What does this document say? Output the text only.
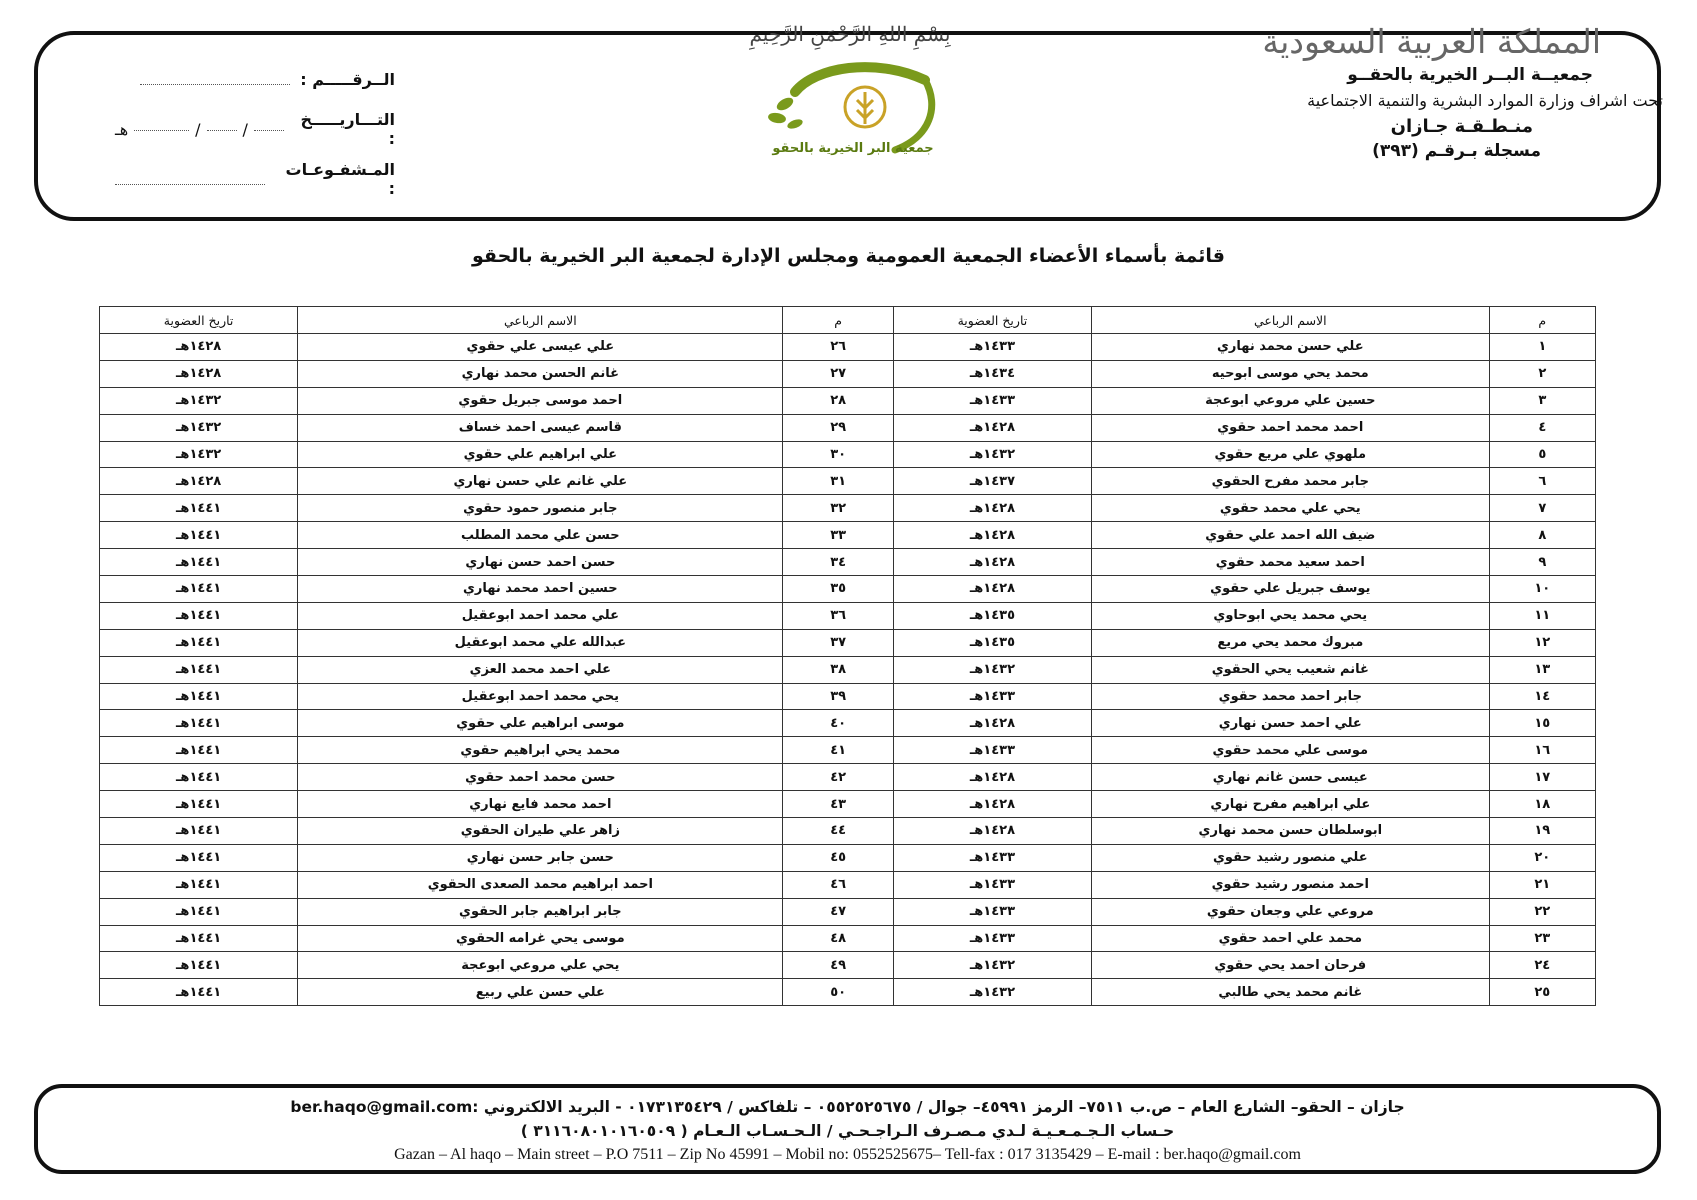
المملكة العربية السعودية
جمعيــة البــر الخيرية بالحقــو
تحت اشراف وزارة الموارد البشرية والتنمية الاجتماعية
منـطـقـة جـازان
مسجلة بـرقـم (٣٩٣)
بِسْمِ اللهِ الرَّحْمَنِ الرَّحِيمِ
جمعية البر الخيرية بالحقو
الــرقـــــم :
التـــاريـــــخ :
/
/
هـ
المـشفـوعـات :
قائمة بأسماء الأعضاء الجمعية العمومية ومجلس الإدارة لجمعية البر الخيرية بالحقو
م	الاسم الرباعي	تاريخ العضوية	م	الاسم الرباعي	تاريخ العضوية
١	علي حسن محمد نهاري	١٤٣٣هـ	٢٦	علي عيسى علي حقوي	١٤٢٨هـ
٢	محمد يحي موسى ابوحيه	١٤٣٤هـ	٢٧	غانم الحسن محمد نهاري	١٤٢٨هـ
٣	حسين علي مروعي ابوعجة	١٤٣٣هـ	٢٨	احمد موسى جبريل حقوي	١٤٣٢هـ
٤	احمد محمد احمد حقوي	١٤٢٨هـ	٢٩	قاسم عيسى احمد خساف	١٤٣٢هـ
٥	ملهوي علي مريع حقوي	١٤٣٢هـ	٣٠	علي ابراهيم علي حقوي	١٤٣٢هـ
٦	جابر محمد مفرح الحقوي	١٤٣٧هـ	٣١	علي غانم علي حسن نهاري	١٤٢٨هـ
٧	يحي علي محمد حقوي	١٤٢٨هـ	٣٢	جابر منصور حمود حقوي	١٤٤١هـ
٨	ضيف الله احمد علي حقوي	١٤٢٨هـ	٣٣	حسن علي محمد المطلب	١٤٤١هـ
٩	احمد سعيد محمد حقوي	١٤٢٨هـ	٣٤	حسن احمد حسن نهاري	١٤٤١هـ
١٠	يوسف جبريل علي حقوي	١٤٢٨هـ	٣٥	حسين احمد محمد نهاري	١٤٤١هـ
١١	يحي محمد يحي ابوحاوي	١٤٣٥هـ	٣٦	علي محمد احمد ابوعقيل	١٤٤١هـ
١٢	مبروك محمد يحي مريع	١٤٣٥هـ	٣٧	عبدالله علي محمد ابوعقيل	١٤٤١هـ
١٣	غانم شعيب يحي الحقوي	١٤٣٢هـ	٣٨	علي احمد محمد العزي	١٤٤١هـ
١٤	جابر احمد محمد حقوي	١٤٣٣هـ	٣٩	يحي محمد احمد ابوعقيل	١٤٤١هـ
١٥	علي احمد حسن نهاري	١٤٢٨هـ	٤٠	موسى ابراهيم علي حقوي	١٤٤١هـ
١٦	موسى علي محمد حقوي	١٤٣٣هـ	٤١	محمد يحي ابراهيم حقوي	١٤٤١هـ
١٧	عيسى حسن غانم نهاري	١٤٢٨هـ	٤٢	حسن محمد احمد حقوي	١٤٤١هـ
١٨	علي ابراهيم مفرح نهاري	١٤٢٨هـ	٤٣	احمد محمد فايع نهاري	١٤٤١هـ
١٩	ابوسلطان حسن محمد نهاري	١٤٢٨هـ	٤٤	زاهر علي طيران الحقوي	١٤٤١هـ
٢٠	علي منصور رشيد حقوي	١٤٣٣هـ	٤٥	حسن جابر حسن نهاري	١٤٤١هـ
٢١	احمد منصور رشيد حقوي	١٤٣٣هـ	٤٦	احمد ابراهيم محمد الصعدى الحقوي	١٤٤١هـ
٢٢	مروعي علي وجعان حقوي	١٤٣٣هـ	٤٧	جابر ابراهيم جابر الحقوي	١٤٤١هـ
٢٣	محمد علي احمد حقوي	١٤٣٣هـ	٤٨	موسى يحي غرامه الحقوي	١٤٤١هـ
٢٤	فرحان احمد يحي حقوي	١٤٣٢هـ	٤٩	يحي علي مروعي ابوعجة	١٤٤١هـ
٢٥	غانم محمد يحي طالبي	١٤٣٢هـ	٥٠	علي حسن علي ربيع	١٤٤١هـ
جازان – الحقو– الشارع العام – ص.ب ٧٥١١– الرمز ٤٥٩٩١– جوال / ٠٥٥٢٥٢٥٦٧٥ – تلفاكس / ٠١٧٣١٣٥٤٢٩ - البريد الالكتروني :ber.haqo@gmail.com
حـساب الـجـمـعـيـة لـدي مـصـرف الـراجـحـي / الـحـسـاب الـعـام ( ٣١١٦٠٨٠١٠١٦٠٥٠٩ )
Gazan – Al haqo – Main street – P.O 7511 – Zip No 45991 – Mobil no: 0552525675– Tell-fax : 017 3135429 – E-mail : ber.haqo@gmail.com
